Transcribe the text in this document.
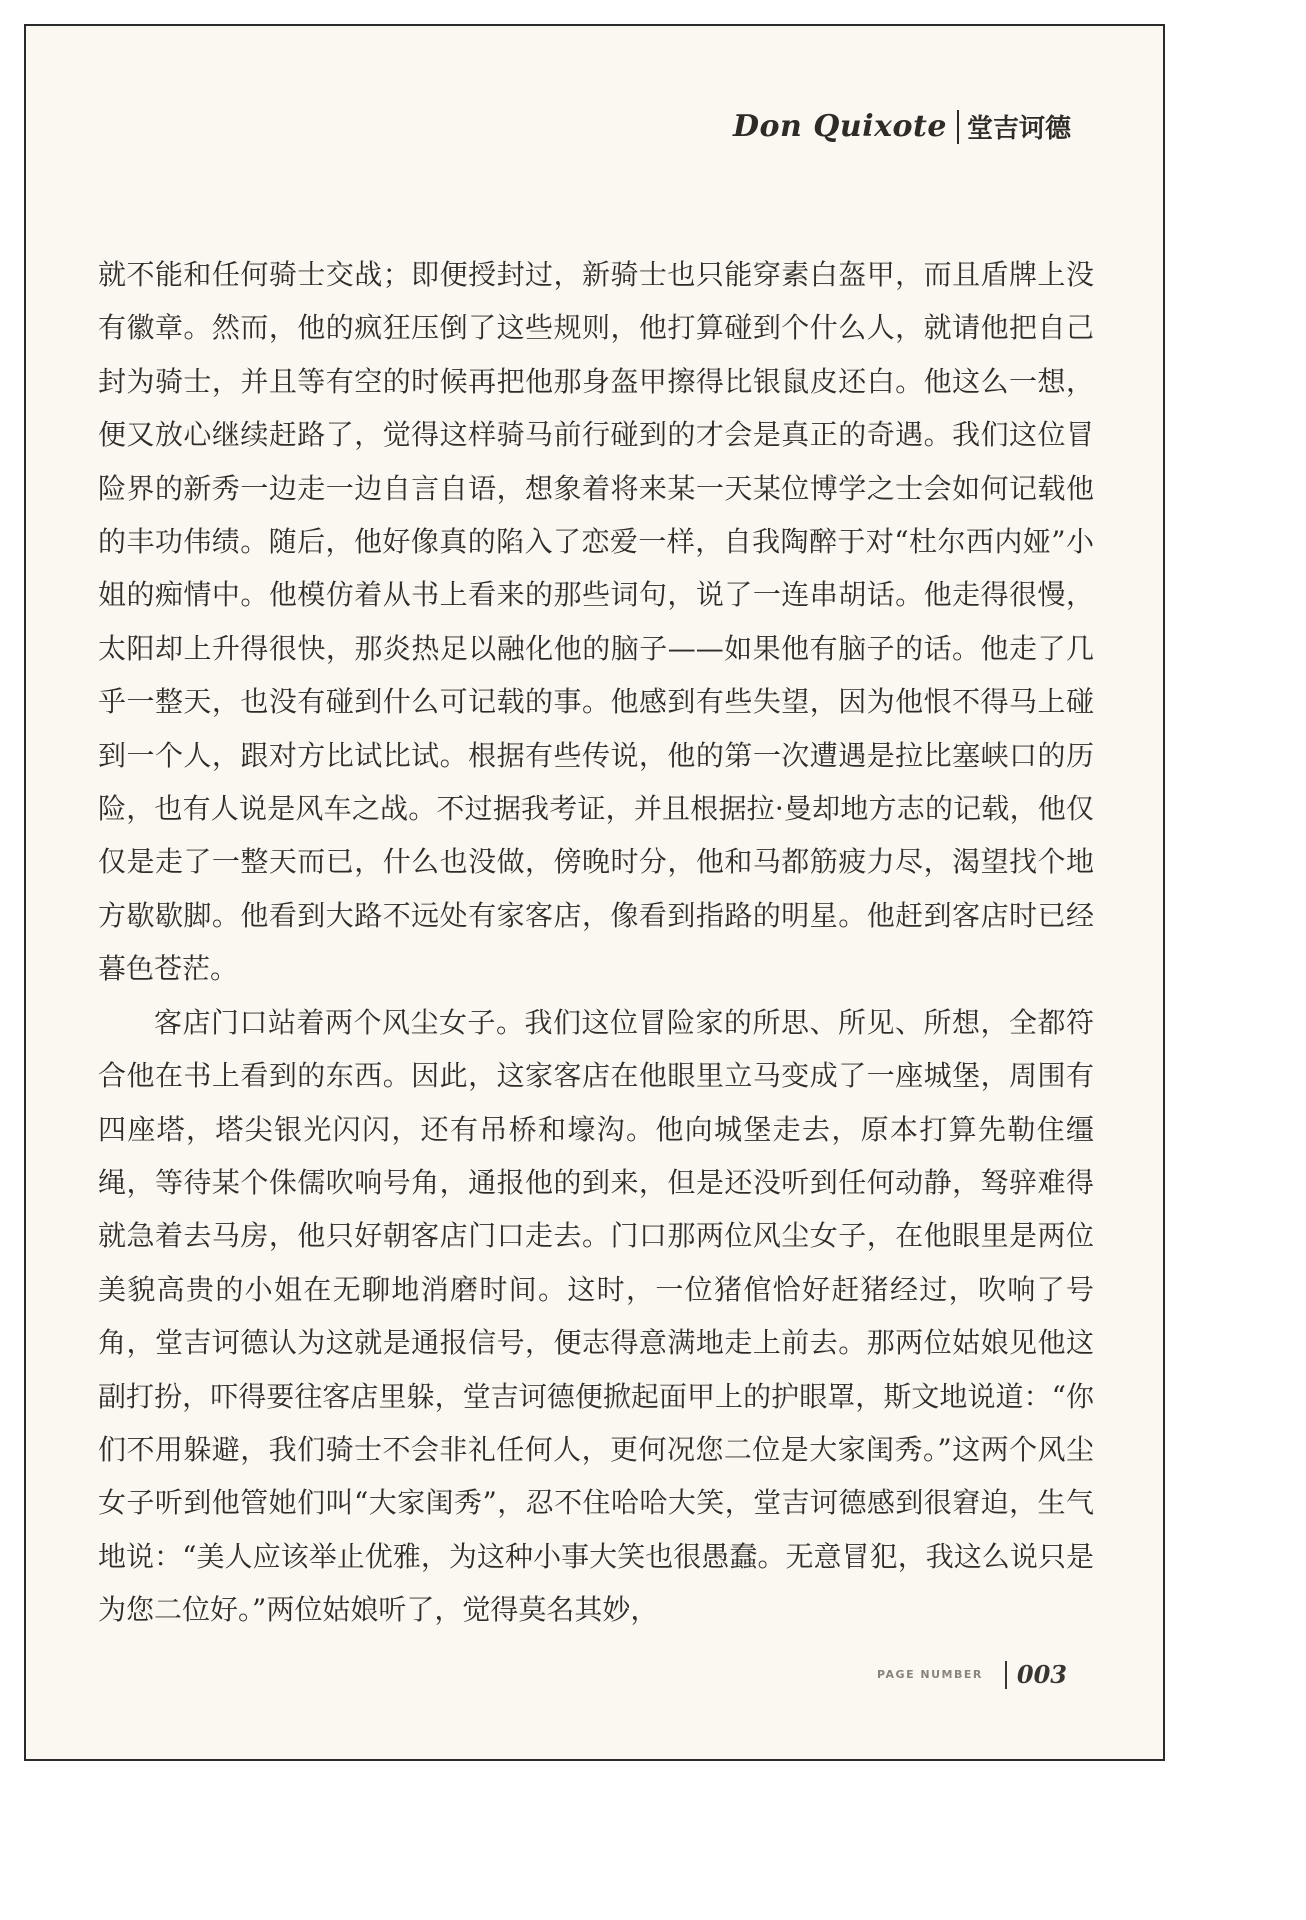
Don Quixote 堂吉诃德

就不能和任何骑士交战；即便授封过，新骑士也只能穿素白盔甲，而且盾牌上没有徽章。然而，他的疯狂压倒了这些规则，他打算碰到个什么人，就请他把自己封为骑士，并且等有空的时候再把他那身盔甲擦得比银鼠皮还白。他这么一想，便又放心继续赶路了，觉得这样骑马前行碰到的才会是真正的奇遇。我们这位冒险界的新秀一边走一边自言自语，想象着将来某一天某位博学之士会如何记载他的丰功伟绩。随后，他好像真的陷入了恋爱一样，自我陶醉于对“杜尔西内娅”小姐的痴情中。他模仿着从书上看来的那些词句，说了一连串胡话。他走得很慢，太阳却上升得很快，那炎热足以融化他的脑子——如果他有脑子的话。他走了几乎一整天，也没有碰到什么可记载的事。他感到有些失望，因为他恨不得马上碰到一个人，跟对方比试比试。根据有些传说，他的第一次遭遇是拉比塞峡口的历险，也有人说是风车之战。不过据我考证，并且根据拉·曼却地方志的记载，他仅仅是走了一整天而已，什么也没做，傍晚时分，他和马都筋疲力尽，渴望找个地方歇歇脚。他看到大路不远处有家客店，像看到指路的明星。他赶到客店时已经暮色苍茫。

客店门口站着两个风尘女子。我们这位冒险家的所思、所见、所想，全都符合他在书上看到的东西。因此，这家客店在他眼里立马变成了一座城堡，周围有四座塔，塔尖银光闪闪，还有吊桥和壕沟。他向城堡走去，原本打算先勒住缰绳，等待某个侏儒吹响号角，通报他的到来，但是还没听到任何动静，驽骍难得就急着去马房，他只好朝客店门口走去。门口那两位风尘女子，在他眼里是两位美貌高贵的小姐在无聊地消磨时间。这时，一位猪倌恰好赶猪经过，吹响了号角，堂吉诃德认为这就是通报信号，便志得意满地走上前去。那两位姑娘见他这副打扮，吓得要往客店里躲，堂吉诃德便掀起面甲上的护眼罩，斯文地说道：“你们不用躲避，我们骑士不会非礼任何人，更何况您二位是大家闺秀。”这两个风尘女子听到他管她们叫“大家闺秀”，忍不住哈哈大笑，堂吉诃德感到很窘迫，生气地说：“美人应该举止优雅，为这种小事大笑也很愚蠢。无意冒犯，我这么说只是为您二位好。”两位姑娘听了，觉得莫名其妙，

PAGE NUMBER 003
